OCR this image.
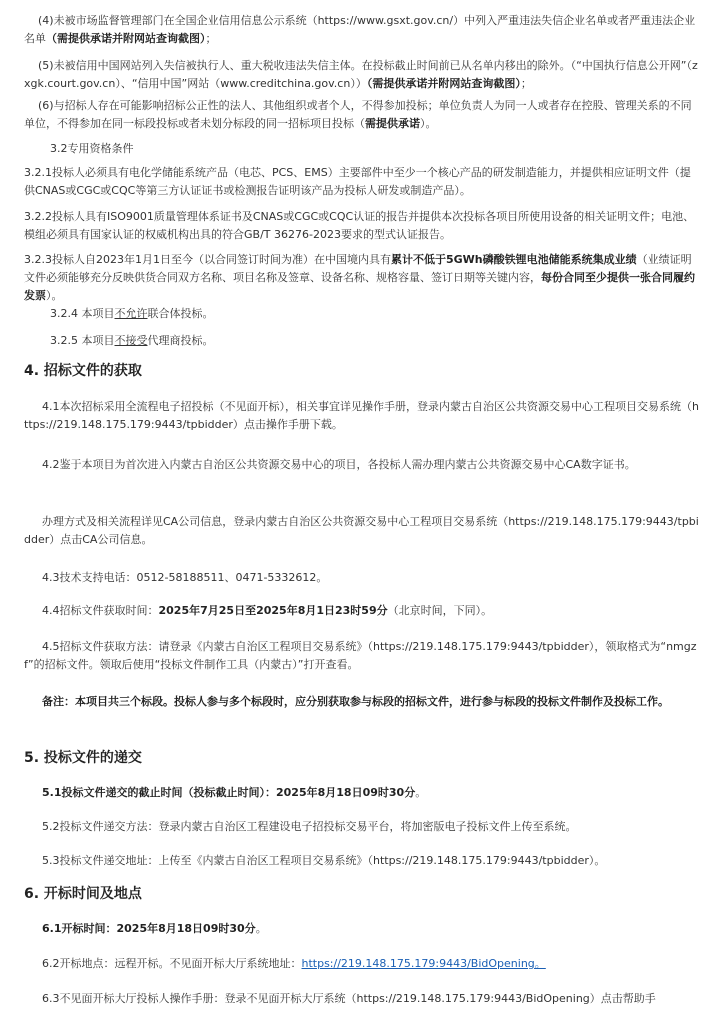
(4)未被市场监督管理部门在全国企业信用信息公示系统（https://www.gsxt.gov.cn/）中列入严重违法失信企业名单或者严重违法企业名单（需提供承诺并附网站查询截图）；

(5)未被信用中国网站列入失信被执行人、重大税收违法失信主体。在投标截止时间前已从名单内移出的除外。（“中国执行信息公开网”（zxgk.court.gov.cn）、“信用中国”网站（www.creditchina.gov.cn））（需提供承诺并附网站查询截图）；

(6)与招标人存在可能影响招标公正性的法人、其他组织或者个人，不得参加投标；单位负责人为同一人或者存在控股、管理关系的不同单位，不得参加在同一标段投标或者未划分标段的同一招标项目投标（需提供承诺）。

3.2专用资格条件

3.2.1投标人必须具有电化学储能系统产品（电芯、PCS、EMS）主要部件中至少一个核心产品的研发制造能力，并提供相应证明文件（提供CNAS或CGC或CQC等第三方认证证书或检测报告证明该产品为投标人研发或制造产品）。

3.2.2投标人具有ISO9001质量管理体系证书及CNAS或CGC或CQC认证的报告并提供本次投标各项目所使用设备的相关证明文件；电池、模组必须具有国家认证的权威机构出具的符合GB/T 36276-2023要求的型式认证报告。

3.2.3投标人自2023年1月1日至今（以合同签订时间为准）在中国境内具有累计不低于5GWh磷酸铁锂电池储能系统集成业绩（业绩证明文件必须能够充分反映供货合同双方名称、项目名称及签章、设备名称、规格容量、签订日期等关键内容，每份合同至少提供一张合同履约发票）。

3.2.4 本项目不允许联合体投标。

3.2.5 本项目不接受代理商投标。

4. 招标文件的获取

4.1本次招标采用全流程电子招投标（不见面开标），相关事宜详见操作手册，登录内蒙古自治区公共资源交易中心工程项目交易系统（https://219.148.175.179:9443/tpbidder）点击操作手册下载。

4.2鉴于本项目为首次进入内蒙古自治区公共资源交易中心的项目，各投标人需办理内蒙古公共资源交易中心CA数字证书。

办理方式及相关流程详见CA公司信息，登录内蒙古自治区公共资源交易中心工程项目交易系统（https://219.148.175.179:9443/tpbidder）点击CA公司信息。

4.3技术支持电话：0512-58188511、0471-5332612。

4.4招标文件获取时间：2025年7月25日至2025年8月1日23时59分（北京时间，下同）。

4.5招标文件获取方法：请登录《内蒙古自治区工程项目交易系统》（https://219.148.175.179:9443/tpbidder），领取格式为“nmgzf”的招标文件。领取后使用“投标文件制作工具（内蒙古）”打开查看。

备注：本项目共三个标段。投标人参与多个标段时，应分别获取参与标段的招标文件，进行参与标段的投标文件制作及投标工作。

5. 投标文件的递交

5.1投标文件递交的截止时间（投标截止时间）：2025年8月18日09时30分。

5.2投标文件递交方法：登录内蒙古自治区工程建设电子招投标交易平台，将加密版电子投标文件上传至系统。

5.3投标文件递交地址：上传至《内蒙古自治区工程项目交易系统》（https://219.148.175.179:9443/tpbidder）。

6. 开标时间及地点

6.1开标时间：2025年8月18日09时30分。

6.2开标地点：远程开标。不见面开标大厅系统地址：https://219.148.175.179:9443/BidOpening。

6.3不见面开标大厅投标人操作手册：登录不见面开标大厅系统（https://219.148.175.179:9443/BidOpening）点击帮助手
